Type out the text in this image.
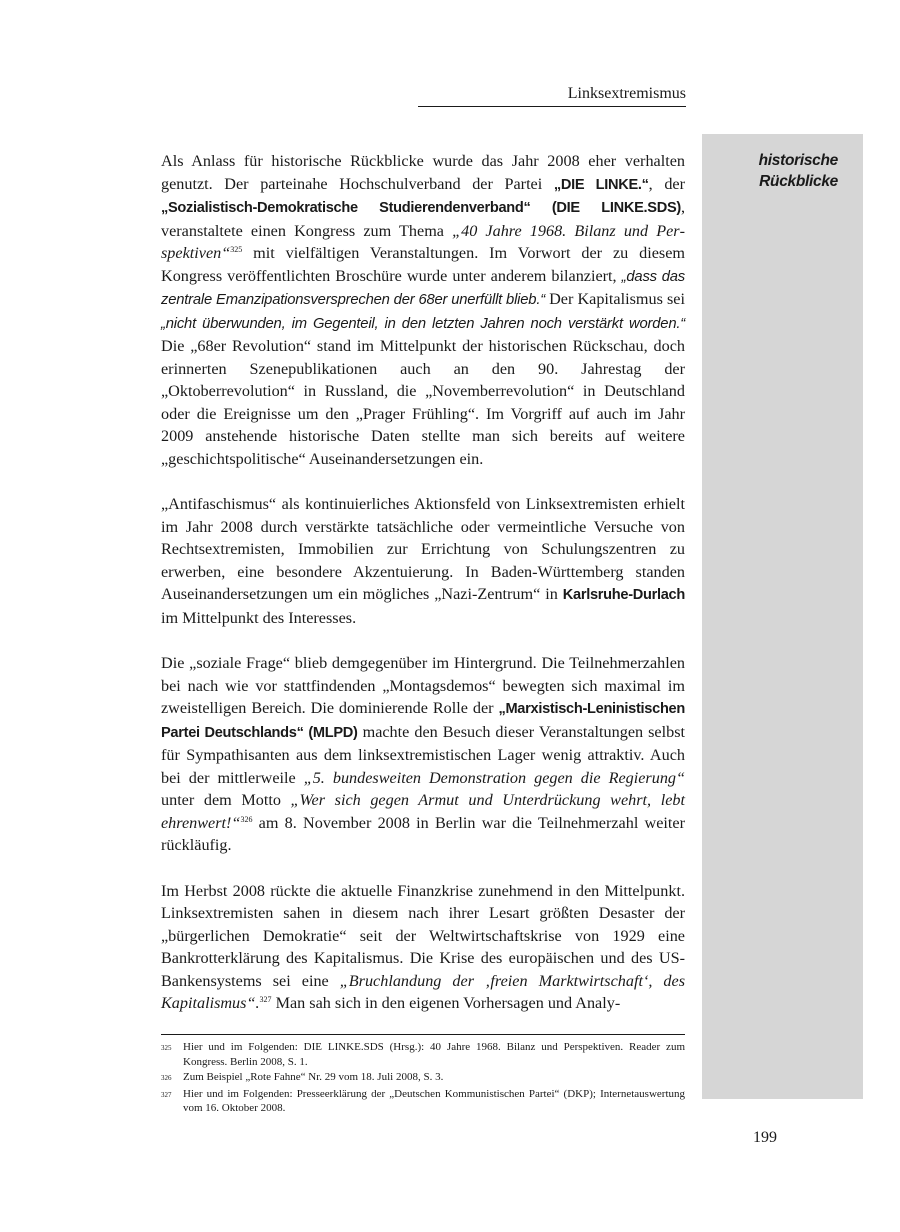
Linksextremismus
historische
Rückblicke

Als Anlass für historische Rückblicke wurde das Jahr 2008 eher verhalten genutzt. Der parteinahe Hochschulverband der Partei „DIE LINKE.“, der „Sozialistisch-Demokratische Studierendenverband“ (DIE LINKE.SDS), veranstaltete einen Kongress zum Thema „40 Jahre 1968. Bilanz und Perspektiven“$^{325}$ mit vielfältigen Veranstaltungen. Im Vorwort der zu diesem Kongress veröffentlichten Broschüre wurde unter anderem bilanziert, „dass das zentrale Emanzipationsversprechen der 68er unerfüllt blieb.“ Der Kapitalismus sei „nicht überwunden, im Gegenteil, in den letzten Jahren noch verstärkt worden.“ Die „68er Revolution“ stand im Mittelpunkt der historischen Rückschau, doch erinnerten Szenepublikationen auch an den 90. Jahrestag der „Oktoberrevolution“ in Russland, die „Novemberrevolution“ in Deutschland oder die Ereignisse um den „Prager Frühling“. Im Vorgriff auf auch im Jahr 2009 anstehende historische Daten stellte man sich bereits auf weitere „geschichtspolitische“ Auseinandersetzungen ein.

„Antifaschismus“ als kontinuierliches Aktionsfeld von Linksextremisten erhielt im Jahr 2008 durch verstärkte tatsächliche oder vermeintliche Versuche von Rechtsextremisten, Immobilien zur Errichtung von Schulungszentren zu erwerben, eine besondere Akzentuierung. In Baden-Württemberg standen Auseinandersetzungen um ein mögliches „Nazi-Zentrum“ in Karlsruhe-Durlach im Mittelpunkt des Interesses.

Die „soziale Frage“ blieb demgegenüber im Hintergrund. Die Teilnehmerzahlen bei nach wie vor stattfindenden „Montagsdemos“ bewegten sich maximal im zweistelligen Bereich. Die dominierende Rolle der „Marxistisch-Leninistischen Partei Deutschlands“ (MLPD) machte den Besuch dieser Veranstaltungen selbst für Sympathisanten aus dem linksextremistischen Lager wenig attraktiv. Auch bei der mittlerweile „5. bundesweiten Demonstration gegen die Regierung“ unter dem Motto „Wer sich gegen Armut und Unterdrückung wehrt, lebt ehrenwert!“$^{326}$ am 8. November 2008 in Berlin war die Teilnehmerzahl weiter rückläufig.

Im Herbst 2008 rückte die aktuelle Finanzkrise zunehmend in den Mittelpunkt. Linksextremisten sahen in diesem nach ihrer Lesart größten Desaster der „bürgerlichen Demokratie“ seit der Weltwirtschaftskrise von 1929 eine Bankrotterklärung des Kapitalismus. Die Krise des europäischen und des US-Bankensystems sei eine „Bruchlandung der ‚freien Marktwirtschaft‘, des Kapitalismus“.$^{327}$ Man sah sich in den eigenen Vorhersagen und Analy-

325	Hier und im Folgenden: DIE LINKE.SDS (Hrsg.): 40 Jahre 1968. Bilanz und Perspektiven. Reader zum Kongress. Berlin 2008, S. 1.
326	Zum Beispiel „Rote Fahne“ Nr. 29 vom 18. Juli 2008, S. 3.
327	Hier und im Folgenden: Presseerklärung der „Deutschen Kommunistischen Partei“ (DKP); Internetauswertung vom 16. Oktober 2008.
199
